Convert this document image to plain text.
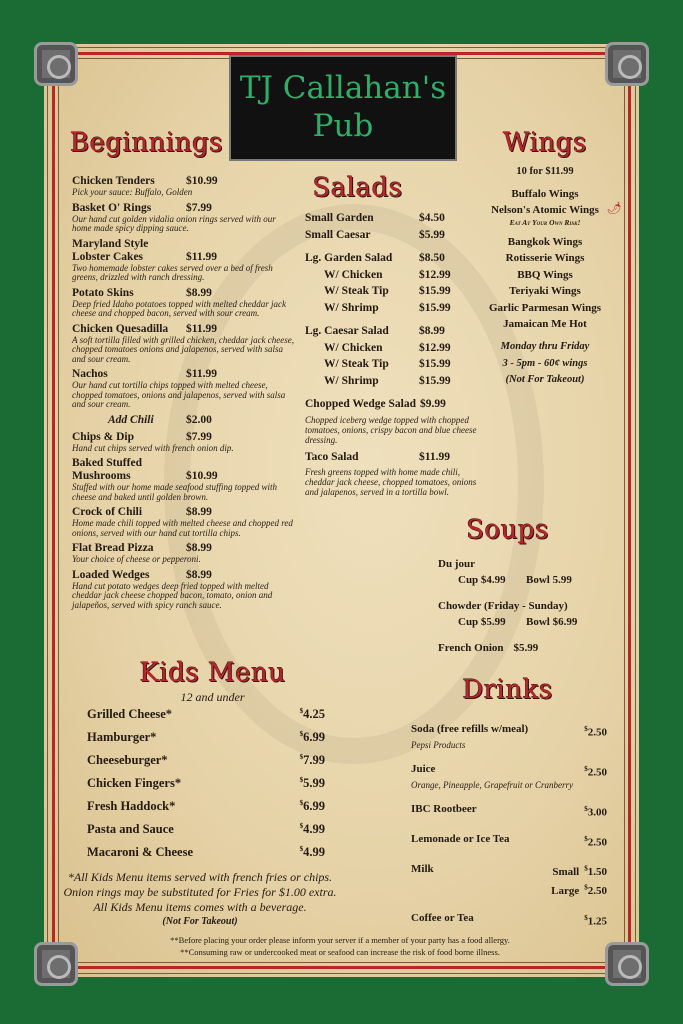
TJ Callahan's Pub
Beginnings
Chicken Tenders	$10.99
Pick your sauce: Buffalo, Golden
Basket O' Rings	$7.99
Our hand cut golden vidalia onion rings served with our home made spicy dipping sauce.
Maryland Style
Lobster Cakes	$11.99
Two homemade lobster cakes served over a bed of fresh greens, drizzled with ranch dressing.
Potato Skins	$8.99
Deep fried Idaho potatoes topped with melted cheddar jack cheese and chopped bacon, served with sour cream.
Chicken Quesadilla	$11.99
A soft tortilla filled with grilled chicken, cheddar jack cheese, chopped tomatoes onions and jalapenos, served with salsa and sour cream.
Nachos	$11.99
Our hand cut tortilla chips topped with melted cheese, chopped tomatoes, onions and jalapenos, served with salsa and sour cream.
Add Chili	$2.00
Chips & Dip	$7.99
Hand cut chips served with french onion dip.
Baked Stuffed
Mushrooms	$10.99
Stuffed with our home made seafood stuffing topped with cheese and baked until golden brown.
Crock of Chili	$8.99
Home made chili topped with melted cheese and chopped red onions, served with our hand cut tortilla chips.
Flat Bread Pizza	$8.99
Your choice of cheese or pepperoni.
Loaded Wedges	$8.99
Hand cut potato wedges deep fried topped with melted cheddar jack cheese chopped bacon, tomato, onion and jalapeños, served with spicy ranch sauce.
Salads
Small Garden	$4.50
Small Caesar	$5.99
Lg. Garden Salad	$8.50
W/ Chicken	$12.99
W/ Steak Tip	$15.99
W/ Shrimp	$15.99
Lg. Caesar Salad	$8.99
W/ Chicken	$12.99
W/ Steak Tip	$15.99
W/ Shrimp	$15.99
Chopped Wedge Salad $9.99
Chopped iceberg wedge topped with chopped tomatoes, onions, crispy bacon and blue cheese dressing.
Taco Salad	$11.99
Fresh greens topped with home made chili, cheddar jack cheese, chopped tomatoes, onions and jalapenos, served in a tortilla bowl.
Wings
10 for $11.99
Buffalo Wings
Nelson's Atomic Wings 🌶
Eat At Your Own Risk!
Bangkok Wings
Rotisserie Wings
BBQ Wings
Teriyaki Wings
Garlic Parmesan Wings
Jamaican Me Hot
Monday thru Friday
3 - 5pm - 60¢ wings
(Not For Takeout)
Soups
Du jour
Cup $4.99	Bowl 5.99
Chowder (Friday - Sunday)
Cup $5.99	Bowl $6.99
French Onion $5.99
Drinks
Soda (free refills w/meal)	$2.50
Pepsi Products
Juice	$2.50
Orange, Pineapple, Grapefruit or Cranberry
IBC Rootbeer	$3.00
Lemonade or Ice Tea	$2.50
Milk	Small $1.50
Large $2.50
Coffee or Tea	$1.25
Kids Menu
12 and under
Grilled Cheese*	$4.25
Hamburger*	$6.99
Cheeseburger*	$7.99
Chicken Fingers*	$5.99
Fresh Haddock*	$6.99
Pasta and Sauce	$4.99
Macaroni & Cheese	$4.99
*All Kids Menu items served with french fries or chips.
Onion rings may be substituted for Fries for $1.00 extra.
All Kids Menu items comes with a beverage.
(Not For Takeout)
**Before placing your order please inform your server if a member of your party has a food allergy.
**Consuming raw or undercooked meat or seafood can increase the risk of food borne illness.
